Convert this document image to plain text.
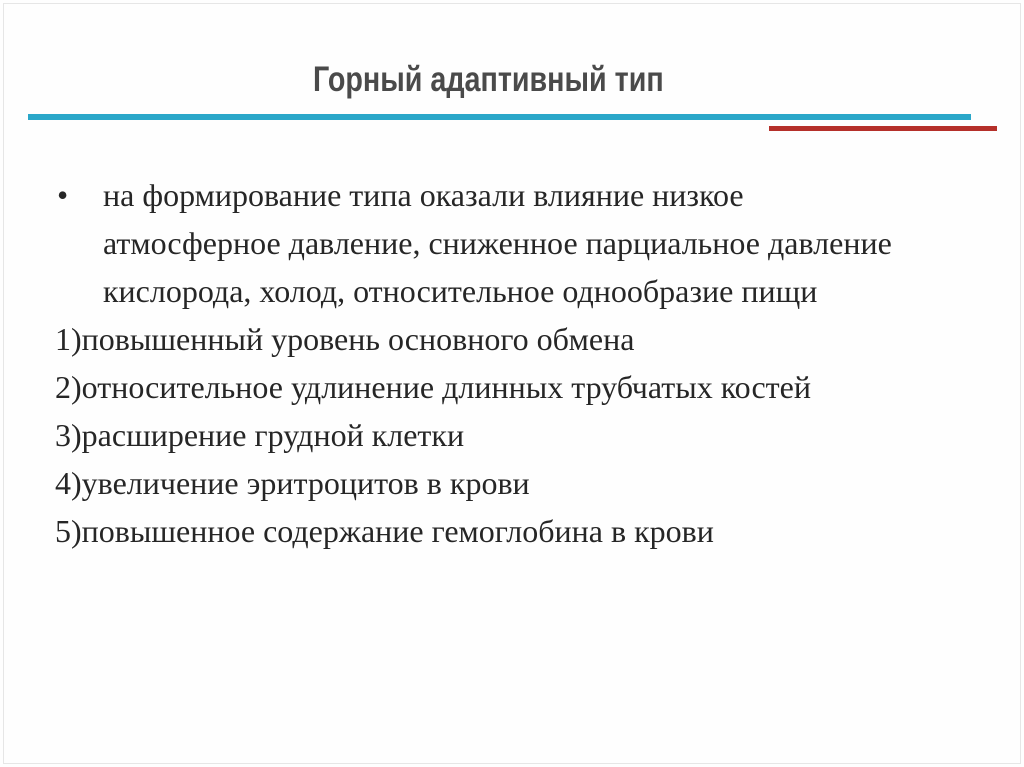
Горный адаптивный тип
• на формирование типа оказали влияние низкое атмосферное давление, сниженное парциальное давление кислорода, холод, относительное однообразие пищи
1)повышенный уровень основного обмена
2)относительное удлинение длинных трубчатых костей
3)расширение грудной клетки
4)увеличение эритроцитов в крови
5)повышенное содержание гемоглобина в крови
